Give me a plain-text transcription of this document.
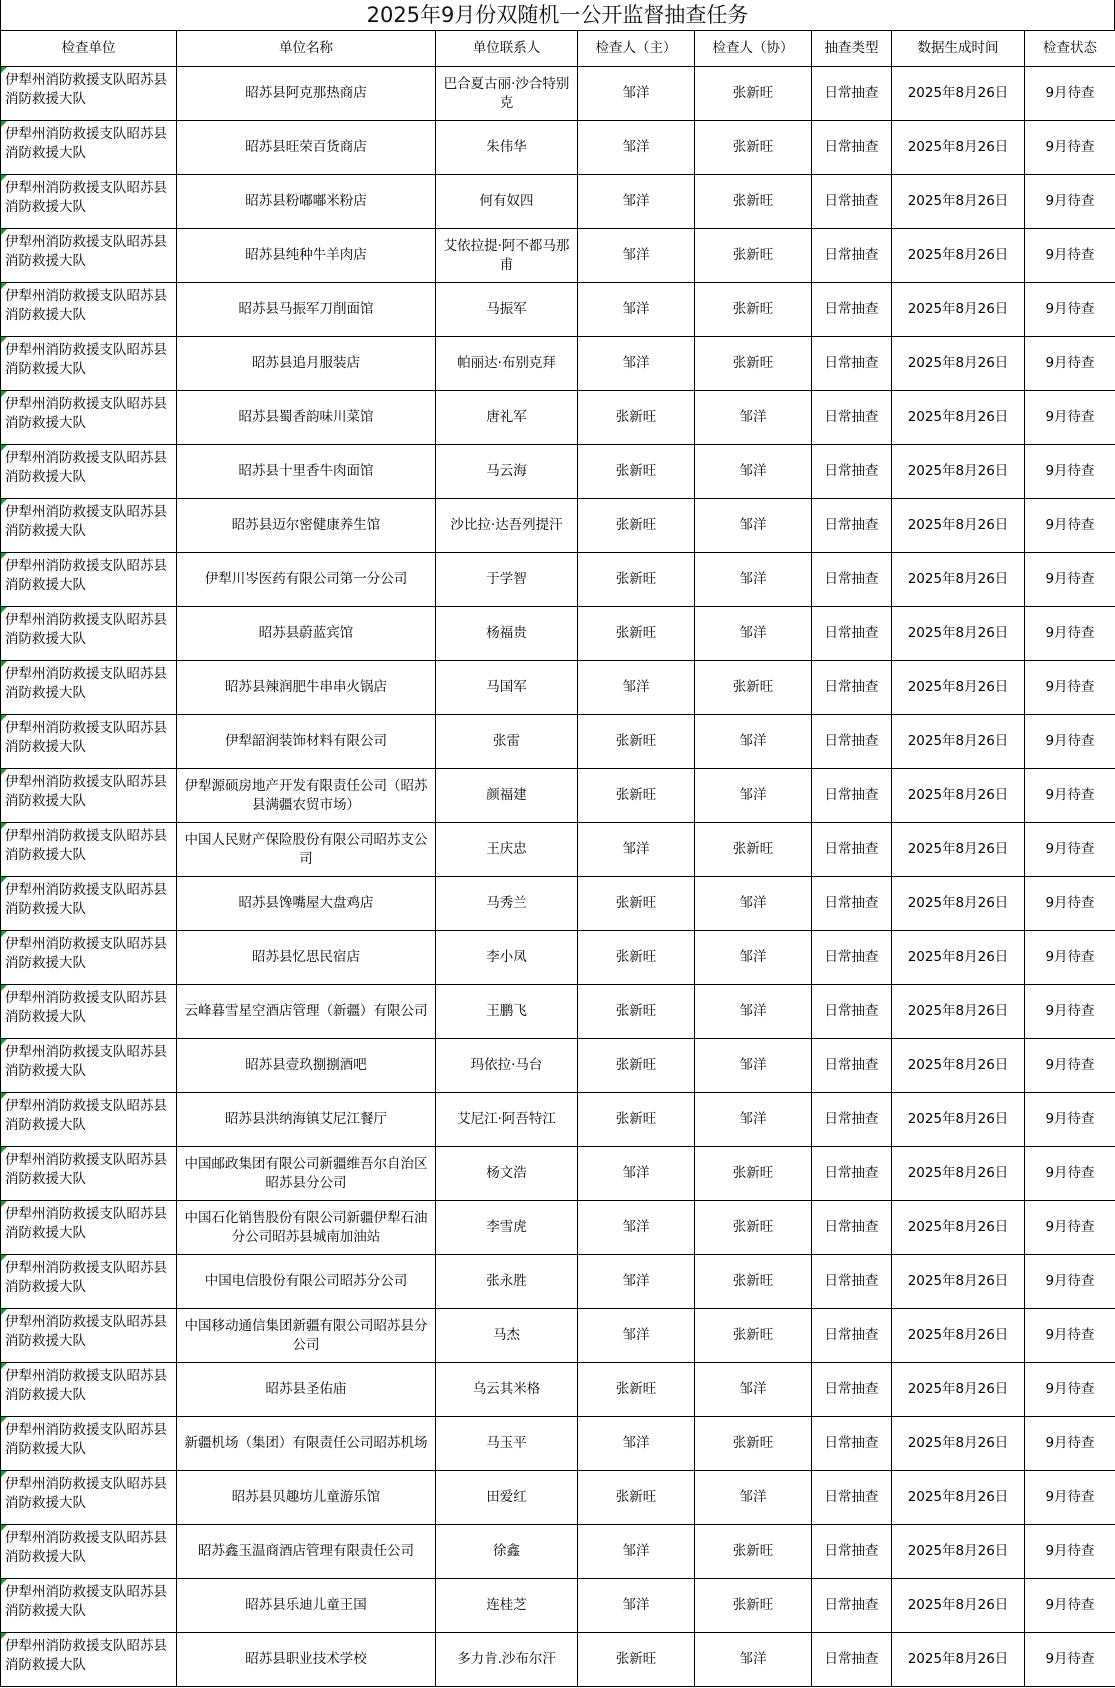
2025年9月份双随机一公开监督抽查任务
检查单位	单位名称	单位联系人	检查人（主）	检查人（协）	抽查类型	数据生成时间	检查状态

伊犁州消防救援支队昭苏县消防救援大队	昭苏县阿克那热商店	巴合夏古丽·沙合特别克	邹洋	张新旺	日常抽查	2025年8月26日	9月待查

伊犁州消防救援支队昭苏县消防救援大队	昭苏县旺荣百货商店	朱伟华	邹洋	张新旺	日常抽查	2025年8月26日	9月待查

伊犁州消防救援支队昭苏县消防救援大队	昭苏县粉嘟嘟米粉店	何有奴四	邹洋	张新旺	日常抽查	2025年8月26日	9月待查

伊犁州消防救援支队昭苏县消防救援大队	昭苏县纯种牛羊肉店	艾依拉提·阿不都马那甫	邹洋	张新旺	日常抽查	2025年8月26日	9月待查

伊犁州消防救援支队昭苏县消防救援大队	昭苏县马振军刀削面馆	马振军	邹洋	张新旺	日常抽查	2025年8月26日	9月待查

伊犁州消防救援支队昭苏县消防救援大队	昭苏县追月服装店	帕丽达·布别克拜	邹洋	张新旺	日常抽查	2025年8月26日	9月待查

伊犁州消防救援支队昭苏县消防救援大队	昭苏县蜀香韵味川菜馆	唐礼军	张新旺	邹洋	日常抽查	2025年8月26日	9月待查

伊犁州消防救援支队昭苏县消防救援大队	昭苏县十里香牛肉面馆	马云海	张新旺	邹洋	日常抽查	2025年8月26日	9月待查

伊犁州消防救援支队昭苏县消防救援大队	昭苏县迈尔密健康养生馆	沙比拉·达吾列提汗	张新旺	邹洋	日常抽查	2025年8月26日	9月待查

伊犁州消防救援支队昭苏县消防救援大队	伊犁川岑医药有限公司第一分公司	于学智	张新旺	邹洋	日常抽查	2025年8月26日	9月待查

伊犁州消防救援支队昭苏县消防救援大队	昭苏县蔚蓝宾馆	杨福贵	张新旺	邹洋	日常抽查	2025年8月26日	9月待查

伊犁州消防救援支队昭苏县消防救援大队	昭苏县辣润肥牛串串火锅店	马国军	邹洋	张新旺	日常抽查	2025年8月26日	9月待查

伊犁州消防救援支队昭苏县消防救援大队	伊犁韶润装饰材料有限公司	张雷	张新旺	邹洋	日常抽查	2025年8月26日	9月待查

伊犁州消防救援支队昭苏县消防救援大队	伊犁源硕房地产开发有限责任公司（昭苏县满疆农贸市场）	颜福建	张新旺	邹洋	日常抽查	2025年8月26日	9月待查

伊犁州消防救援支队昭苏县消防救援大队	中国人民财产保险股份有限公司昭苏支公司	王庆忠	邹洋	张新旺	日常抽查	2025年8月26日	9月待查

伊犁州消防救援支队昭苏县消防救援大队	昭苏县馋嘴屋大盘鸡店	马秀兰	张新旺	邹洋	日常抽查	2025年8月26日	9月待查

伊犁州消防救援支队昭苏县消防救援大队	昭苏县忆思民宿店	李小凤	张新旺	邹洋	日常抽查	2025年8月26日	9月待查

伊犁州消防救援支队昭苏县消防救援大队	云峰暮雪星空酒店管理（新疆）有限公司	王鹏飞	张新旺	邹洋	日常抽查	2025年8月26日	9月待查

伊犁州消防救援支队昭苏县消防救援大队	昭苏县壹玖捌捌酒吧	玛依拉·马台	张新旺	邹洋	日常抽查	2025年8月26日	9月待查

伊犁州消防救援支队昭苏县消防救援大队	昭苏县洪纳海镇艾尼江餐厅	艾尼江·阿吾特江	张新旺	邹洋	日常抽查	2025年8月26日	9月待查

伊犁州消防救援支队昭苏县消防救援大队	中国邮政集团有限公司新疆维吾尔自治区昭苏县分公司	杨文浩	邹洋	张新旺	日常抽查	2025年8月26日	9月待查

伊犁州消防救援支队昭苏县消防救援大队	中国石化销售股份有限公司新疆伊犁石油分公司昭苏县城南加油站	李雪虎	邹洋	张新旺	日常抽查	2025年8月26日	9月待查

伊犁州消防救援支队昭苏县消防救援大队	中国电信股份有限公司昭苏分公司	张永胜	邹洋	张新旺	日常抽查	2025年8月26日	9月待查

伊犁州消防救援支队昭苏县消防救援大队	中国移动通信集团新疆有限公司昭苏县分公司	马杰	邹洋	张新旺	日常抽查	2025年8月26日	9月待查

伊犁州消防救援支队昭苏县消防救援大队	昭苏县圣佑庙	乌云其米格	张新旺	邹洋	日常抽查	2025年8月26日	9月待查

伊犁州消防救援支队昭苏县消防救援大队	新疆机场（集团）有限责任公司昭苏机场	马玉平	邹洋	张新旺	日常抽查	2025年8月26日	9月待查

伊犁州消防救援支队昭苏县消防救援大队	昭苏县贝趣坊儿童游乐馆	田爱红	张新旺	邹洋	日常抽查	2025年8月26日	9月待查

伊犁州消防救援支队昭苏县消防救援大队	昭苏鑫玉温商酒店管理有限责任公司	徐鑫	邹洋	张新旺	日常抽查	2025年8月26日	9月待查

伊犁州消防救援支队昭苏县消防救援大队	昭苏县乐迪儿童王国	连桂芝	邹洋	张新旺	日常抽查	2025年8月26日	9月待查

伊犁州消防救援支队昭苏县消防救援大队	昭苏县职业技术学校	多力肯.沙布尔汗	张新旺	邹洋	日常抽查	2025年8月26日	9月待查
